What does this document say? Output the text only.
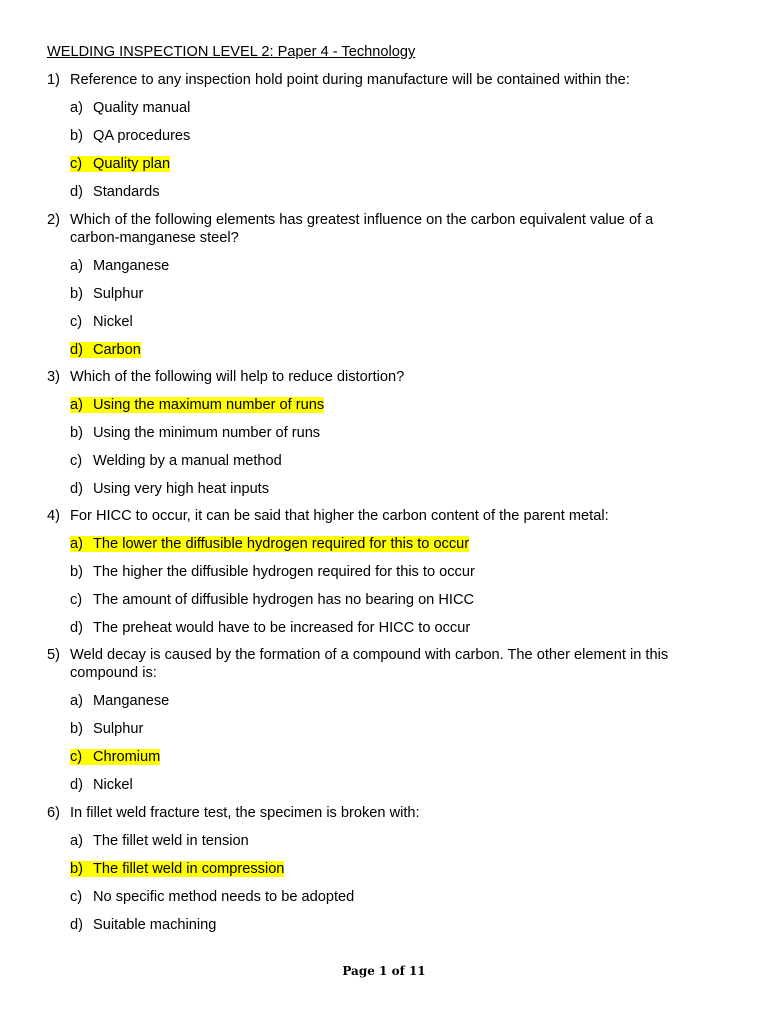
WELDING INSPECTION LEVEL 2: Paper 4 - Technology
1) Reference to any inspection hold point during manufacture will be contained within the:
a) Quality manual
b) QA procedures
c) Quality plan
d) Standards
2) Which of the following elements has greatest influence on the carbon equivalent value of a
carbon-manganese steel?
a) Manganese
b) Sulphur
c) Nickel
d) Carbon
3) Which of the following will help to reduce distortion?
a) Using the maximum number of runs
b) Using the minimum number of runs
c) Welding by a manual method
d) Using very high heat inputs
4) For HICC to occur, it can be said that higher the carbon content of the parent metal:
a) The lower the diffusible hydrogen required for this to occur
b) The higher the diffusible hydrogen required for this to occur
c) The amount of diffusible hydrogen has no bearing on HICC
d) The preheat would have to be increased for HICC to occur
5) Weld decay is caused by the formation of a compound with carbon. The other element in this
compound is:
a) Manganese
b) Sulphur
c) Chromium
d) Nickel
6) In fillet weld fracture test, the specimen is broken with:
a) The fillet weld in tension
b) The fillet weld in compression
c) No specific method needs to be adopted
d) Suitable machining
Page 1 of 11
